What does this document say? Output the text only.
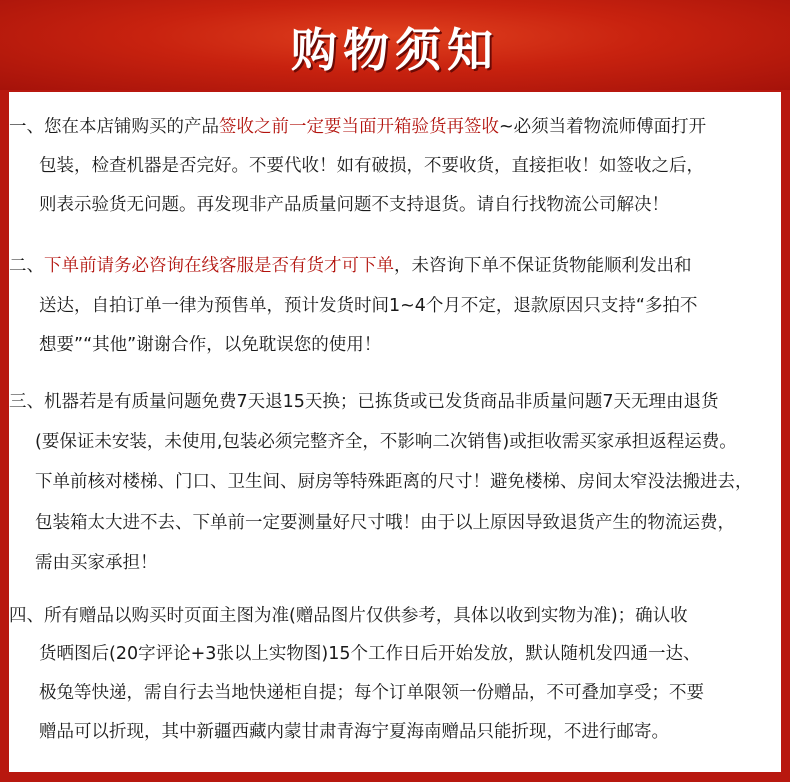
购物须知
一、您在本店铺购买的产品签收之前一定要当面开箱验货再签收~必须当着物流师傅面打开
包装，检查机器是否完好。不要代收！如有破损，不要收货，直接拒收！如签收之后，
则表示验货无问题。再发现非产品质量问题不支持退货。请自行找物流公司解决！
二、下单前请务必咨询在线客服是否有货才可下单，未咨询下单不保证货物能顺利发出和
送达，自拍订单一律为预售单，预计发货时间1~4个月不定，退款原因只支持“多拍不
想要”“其他”谢谢合作，以免耽误您的使用！
三、机器若是有质量问题免费7天退15天换；已拣货或已发货商品非质量问题7天无理由退货
(要保证未安装，未使用,包装必须完整齐全，不影响二次销售)或拒收需买家承担返程运费。
下单前核对楼梯、门口、卫生间、厨房等特殊距离的尺寸！避免楼梯、房间太窄没法搬进去，
包装箱太大进不去、下单前一定要测量好尺寸哦！由于以上原因导致退货产生的物流运费，
需由买家承担！
四、所有赠品以购买时页面主图为准(赠品图片仅供参考，具体以收到实物为准)；确认收
货晒图后(20字评论+3张以上实物图)15个工作日后开始发放，默认随机发四通一达、
极兔等快递，需自行去当地快递柜自提；每个订单限领一份赠品，不可叠加享受；不要
赠品可以折现，其中新疆西藏内蒙甘肃青海宁夏海南赠品只能折现，不进行邮寄。
